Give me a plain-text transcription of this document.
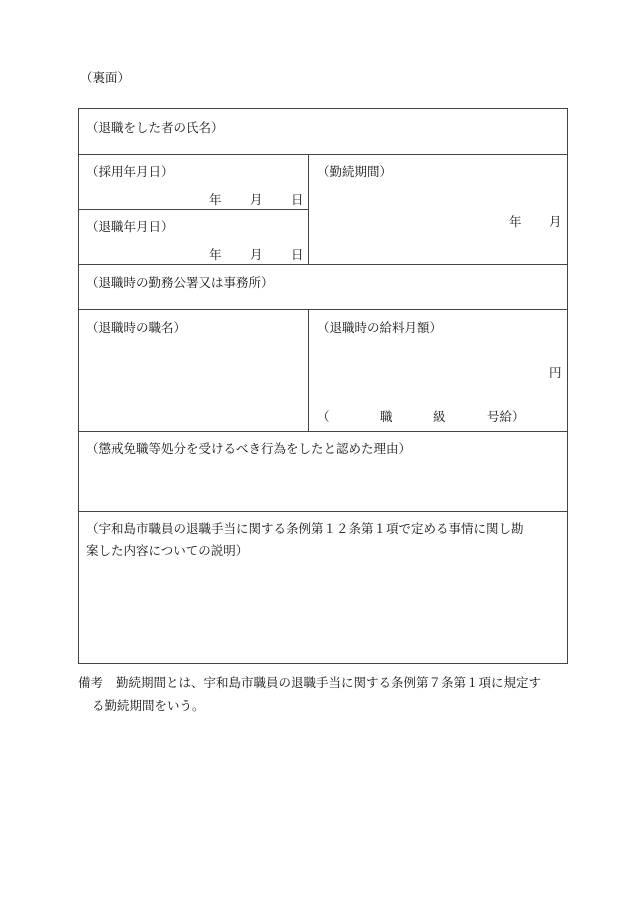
（裏面）
（退職をした者の氏名）
（採用年月日）
年 月 日
（退職年月日）
年 月 日
（勤続期間）
年 月
（退職時の勤務公署又は事務所）
（退職時の職名）	（退職時の給料月額）
円
（	職	級	号給）
（懲戒免職等処分を受けるべき行為をしたと認めた理由）
（宇和島市職員の退職手当に関する条例第１２条第１項で定める事情に関し勘
案した内容についての説明）
備考 勤続期間とは、宇和島市職員の退職手当に関する条例第７条第１項に規定す
る勤続期間をいう。
